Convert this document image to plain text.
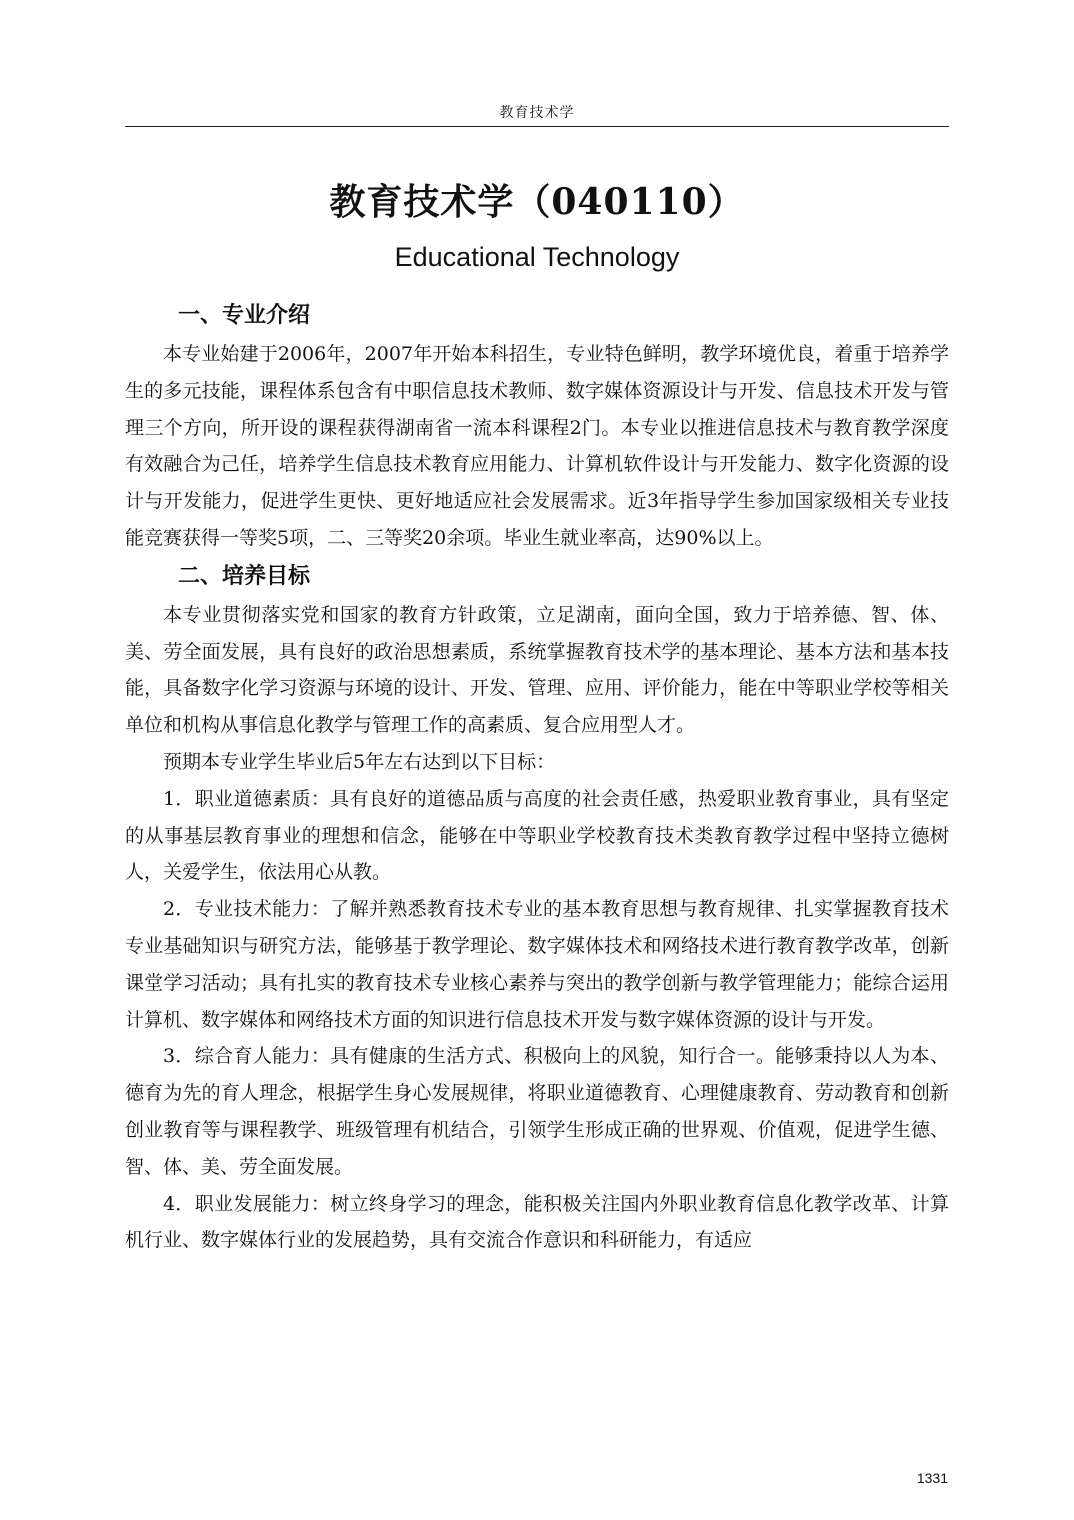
教育技术学
教育技术学（040110）
Educational Technology
一、专业介绍

本专业始建于2006年，2007年开始本科招生，专业特色鲜明，教学环境优良，着重于培养学生的多元技能，课程体系包含有中职信息技术教师、数字媒体资源设计与开发、信息技术开发与管理三个方向，所开设的课程获得湖南省一流本科课程2门。本专业以推进信息技术与教育教学深度有效融合为己任，培养学生信息技术教育应用能力、计算机软件设计与开发能力、数字化资源的设计与开发能力，促进学生更快、更好地适应社会发展需求。近3年指导学生参加国家级相关专业技能竞赛获得一等奖5项，二、三等奖20余项。毕业生就业率高，达90%以上。

二、培养目标

本专业贯彻落实党和国家的教育方针政策，立足湖南，面向全国，致力于培养德、智、体、美、劳全面发展，具有良好的政治思想素质，系统掌握教育技术学的基本理论、基本方法和基本技能，具备数字化学习资源与环境的设计、开发、管理、应用、评价能力，能在中等职业学校等相关单位和机构从事信息化教学与管理工作的高素质、复合应用型人才。

预期本专业学生毕业后5年左右达到以下目标：

1．职业道德素质：具有良好的道德品质与高度的社会责任感，热爱职业教育事业，具有坚定的从事基层教育事业的理想和信念，能够在中等职业学校教育技术类教育教学过程中坚持立德树人，关爱学生，依法用心从教。

2．专业技术能力：了解并熟悉教育技术专业的基本教育思想与教育规律、扎实掌握教育技术专业基础知识与研究方法，能够基于教学理论、数字媒体技术和网络技术进行教育教学改革，创新课堂学习活动；具有扎实的教育技术专业核心素养与突出的教学创新与教学管理能力；能综合运用计算机、数字媒体和网络技术方面的知识进行信息技术开发与数字媒体资源的设计与开发。

3．综合育人能力：具有健康的生活方式、积极向上的风貌，知行合一。能够秉持以人为本、德育为先的育人理念，根据学生身心发展规律，将职业道德教育、心理健康教育、劳动教育和创新创业教育等与课程教学、班级管理有机结合，引领学生形成正确的世界观、价值观，促进学生德、智、体、美、劳全面发展。

4．职业发展能力：树立终身学习的理念，能积极关注国内外职业教育信息化教学改革、计算机行业、数字媒体行业的发展趋势，具有交流合作意识和科研能力，有适应

1331
